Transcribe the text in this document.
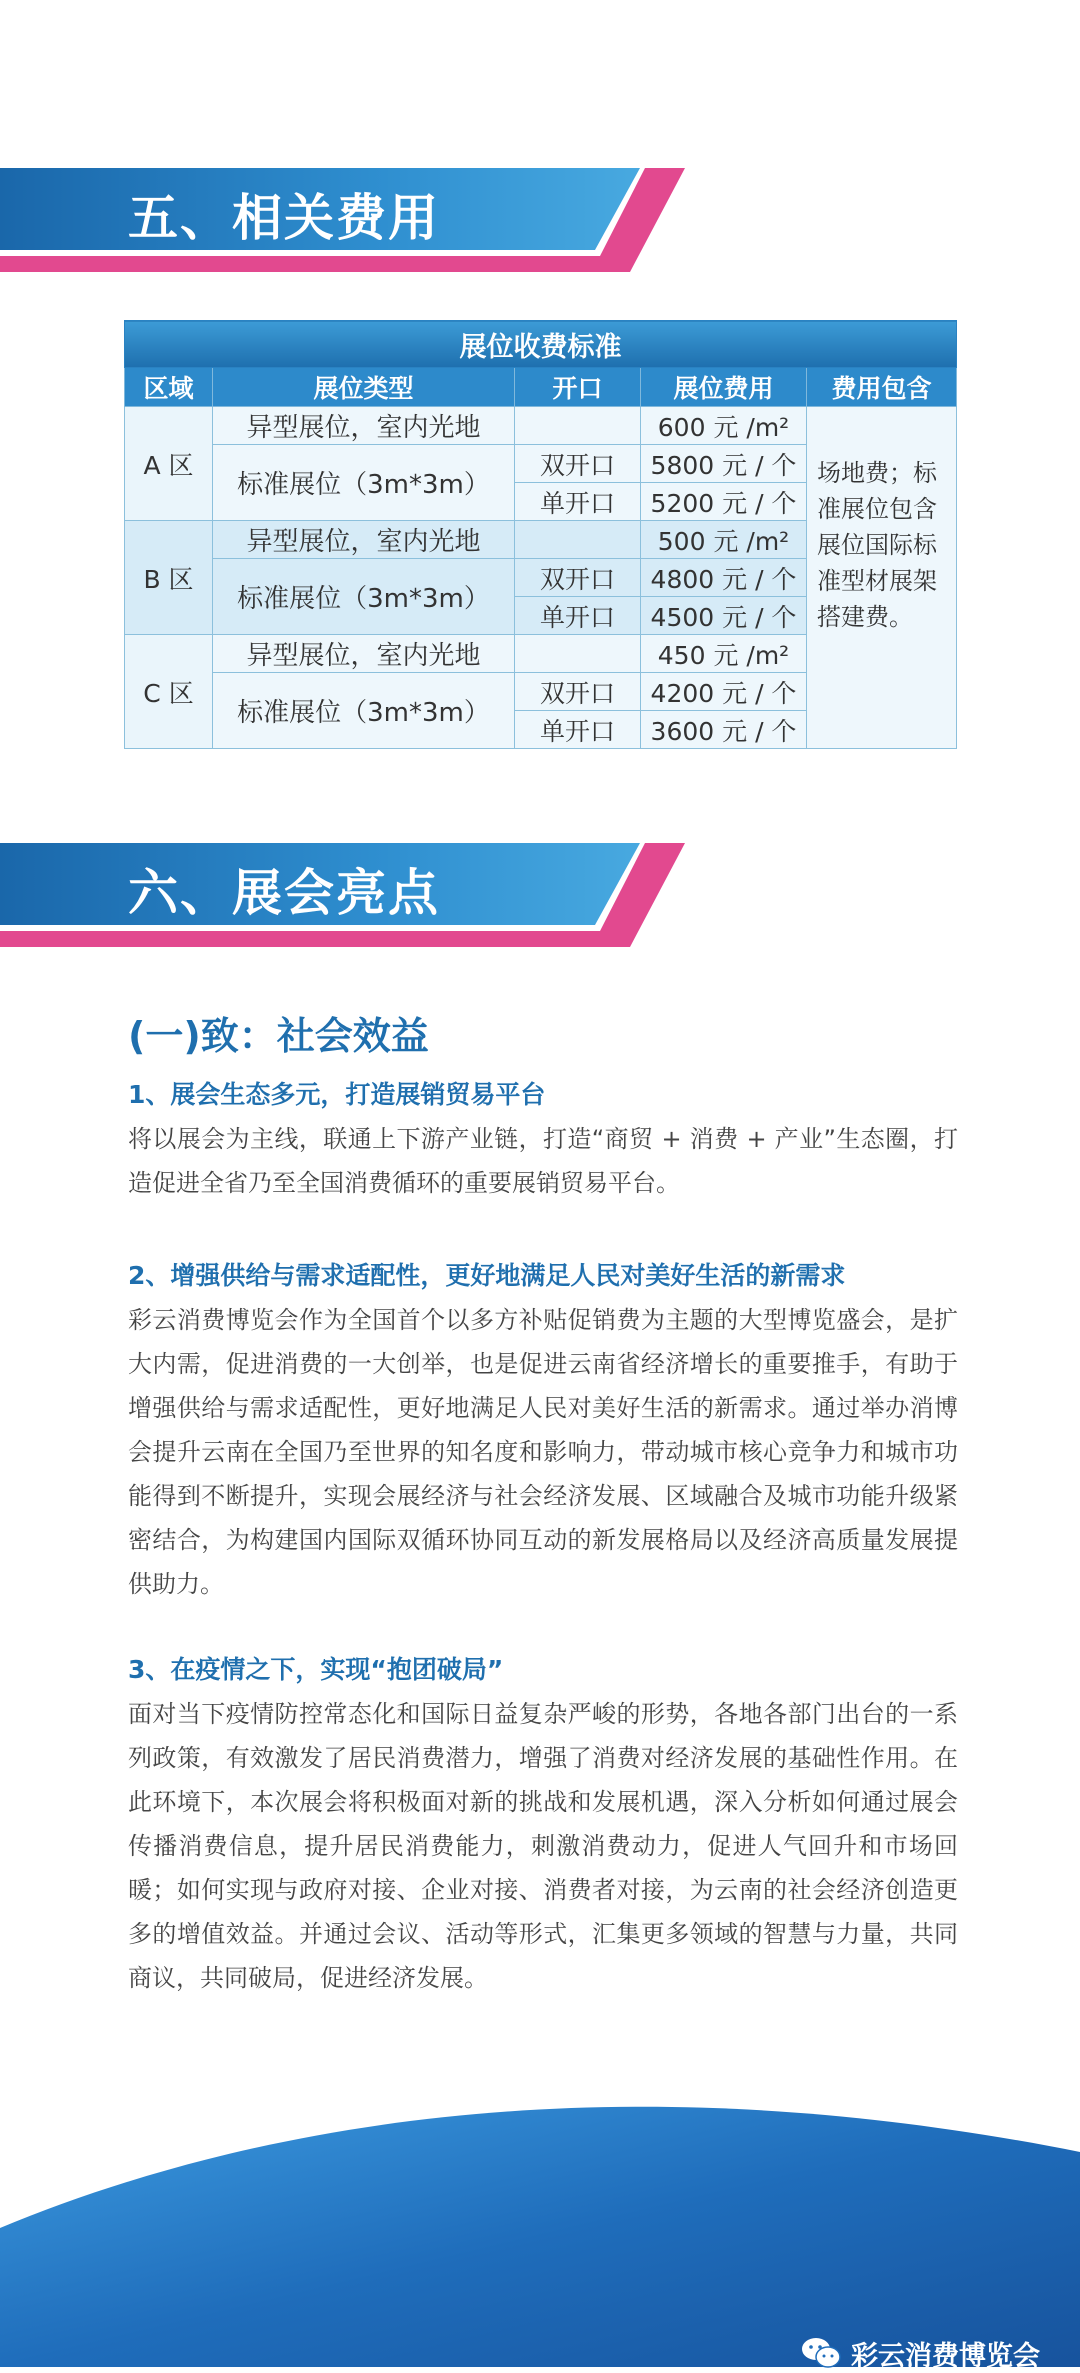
五、相关费用
展位收费标准				
区域	展位类型	开口	展位费用	费用包含
A 区	异型展位，室内光地		600 元 /m²	场地费；标准展位包含展位国际标准型材展架搭建费。
	标准展位（3m*3m）	双开口	5800 元 / 个	
		单开口	5200 元 / 个	
B 区	异型展位，室内光地		500 元 /m²	
	标准展位（3m*3m）	双开口	4800 元 / 个	
		单开口	4500 元 / 个	
C 区	异型展位，室内光地		450 元 /m²	
	标准展位（3m*3m）	双开口	4200 元 / 个	
		单开口	3600 元 / 个	
六、展会亮点
(一)致：社会效益
1、展会生态多元，打造展销贸易平台
将以展会为主线，联通上下游产业链，打造“商贸 + 消费 + 产业”生态圈，打造促进全省乃至全国消费循环的重要展销贸易平台。
2、增强供给与需求适配性，更好地满足人民对美好生活的新需求
彩云消费博览会作为全国首个以多方补贴促销费为主题的大型博览盛会，是扩大内需，促进消费的一大创举，也是促进云南省经济增长的重要推手，有助于增强供给与需求适配性，更好地满足人民对美好生活的新需求。通过举办消博会提升云南在全国乃至世界的知名度和影响力，带动城市核心竞争力和城市功能得到不断提升，实现会展经济与社会经济发展、区域融合及城市功能升级紧密结合，为构建国内国际双循环协同互动的新发展格局以及经济高质量发展提供助力。
3、在疫情之下，实现“抱团破局”
面对当下疫情防控常态化和国际日益复杂严峻的形势，各地各部门出台的一系列政策，有效激发了居民消费潜力，增强了消费对经济发展的基础性作用。在此环境下，本次展会将积极面对新的挑战和发展机遇，深入分析如何通过展会传播消费信息，提升居民消费能力，刺激消费动力，促进人气回升和市场回暖；如何实现与政府对接、企业对接、消费者对接，为云南的社会经济创造更多的增值效益。并通过会议、活动等形式，汇集更多领域的智慧与力量，共同商议，共同破局，促进经济发展。
彩云消费博览会
